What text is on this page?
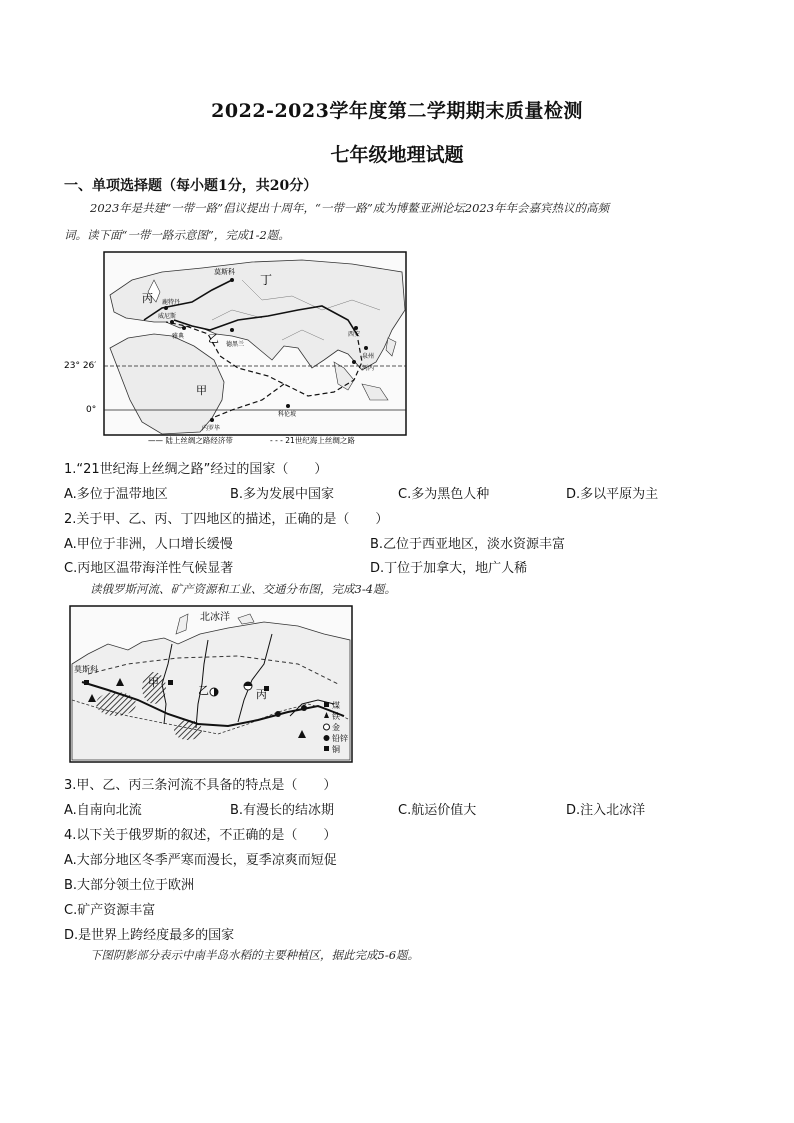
2022-2023学年度第二学期期末质量检测
七年级地理试题
一、单项选择题（每小题1分，共20分）
2023年是共建“一带一路”倡议提出十周年，“一带一路”成为博鳌亚洲论坛2023年年会嘉宾热议的高频
词。读下面“一带一路示意图”，完成1-2题。
莫斯科
丁
丙 鹿特丹
威尼斯
雅典 乙 德黑兰
西安
泉州
河内
甲
内罗毕
科伦坡
23° 26′
0°
—— 陆上丝绸之路经济带	- - - 21世纪海上丝绸之路
1.“21世纪海上丝绸之路”经过的国家（　　）
A.多位于温带地区	B.多为发展中国家	C.多为黑色人种	D.多以平原为主
2.关于甲、乙、丙、丁四地区的描述，正确的是（　　）
A.甲位于非洲，人口增长缓慢	B.乙位于西亚地区，淡水资源丰富
C.丙地区温带海洋性气候显著	D.丁位于加拿大，地广人稀
读俄罗斯河流、矿产资源和工业、交通分布图，完成3-4题。
北冰洋
莫斯科
甲
乙	丙
煤
铁
金
铅锌
铜
3.甲、乙、丙三条河流不具备的特点是（　　）
A.自南向北流	B.有漫长的结冰期	C.航运价值大	D.注入北冰洋
4.以下关于俄罗斯的叙述，不正确的是（　　）
A.大部分地区冬季严寒而漫长，夏季凉爽而短促
B.大部分领土位于欧洲
C.矿产资源丰富
D.是世界上跨经度最多的国家
下图阴影部分表示中南半岛水稻的主要种植区，据此完成5-6题。
